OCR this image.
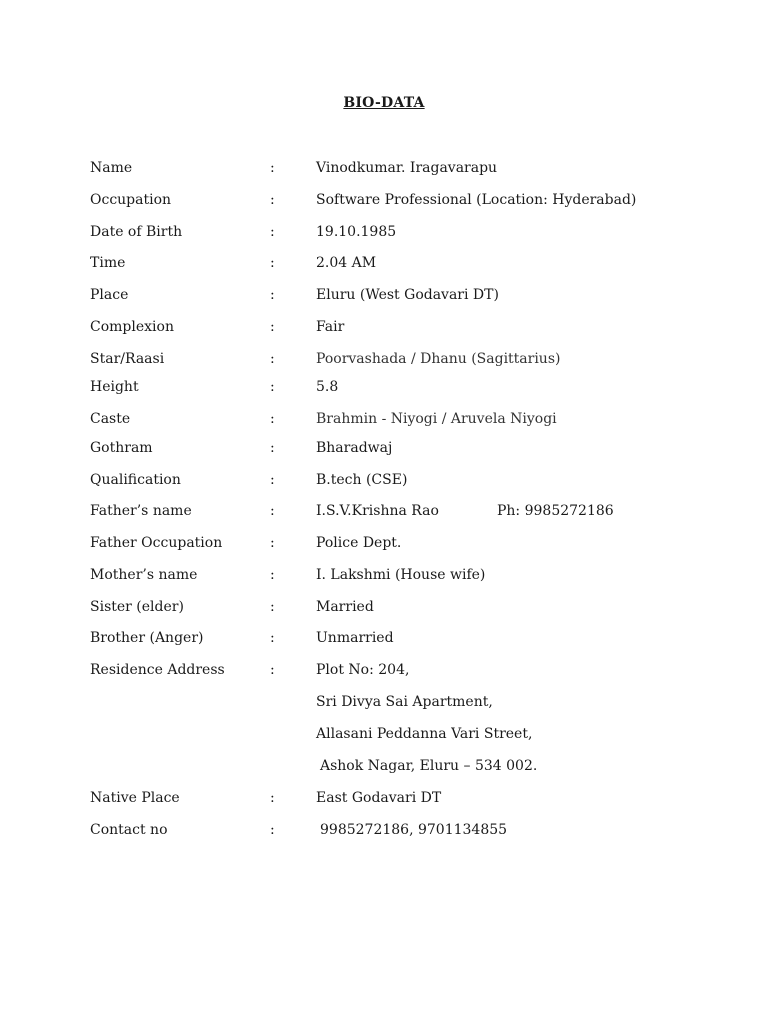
BIO-DATA
Name	:	Vinodkumar. Iragavarapu
Occupation	:	Software Professional (Location: Hyderabad)
Date of Birth	:	19.10.1985
Time	:	2.04 AM
Place	:	Eluru (West Godavari DT)
Complexion	:	Fair
Star/Raasi	:	Poorvashada / Dhanu (Sagittarius)
Height	:	5.8
Caste	:	Brahmin - Niyogi / Aruvela Niyogi
Gothram	:	Bharadwaj
Qualification	:	B.tech (CSE)
Father’s name	:	I.S.V.Krishna Rao	Ph: 9985272186
Father Occupation	:	Police Dept.
Mother’s name	:	I. Lakshmi (House wife)
Sister (elder)	:	Married
Brother (Anger)	:	Unmarried
Residence Address	:	Plot No: 204,
Sri Divya Sai Apartment,
Allasani Peddanna Vari Street,
Ashok Nagar, Eluru – 534 002.
Native Place	:	East Godavari DT
Contact no	:	9985272186, 9701134855
